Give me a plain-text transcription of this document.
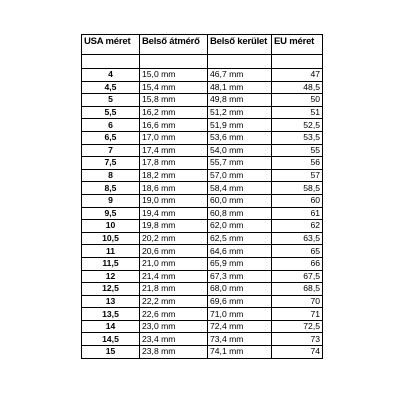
USA méret	Belső átmérő	Belső kerület	EU méret

4	15,0 mm	46,7 mm	47
4,5	15,4 mm	48,1 mm	48,5
5	15,8 mm	49,8 mm	50
5,5	16,2 mm	51,2 mm	51
6	16,6 mm	51,9 mm	52,5
6,5	17,0 mm	53,6 mm	53,5
7	17,4 mm	54,0 mm	55
7,5	17,8 mm	55,7 mm	56
8	18,2 mm	57,0 mm	57
8,5	18,6 mm	58,4 mm	58,5
9	19,0 mm	60,0 mm	60
9,5	19,4 mm	60,8 mm	61
10	19,8 mm	62,0 mm	62
10,5	20,2 mm	62,5 mm	63,5
11	20,6 mm	64,6 mm	65
11,5	21,0 mm	65,9 mm	66
12	21,4 mm	67,3 mm	67,5
12,5	21,8 mm	68,0 mm	68,5
13	22,2 mm	69,6 mm	70
13,5	22,6 mm	71,0 mm	71
14	23,0 mm	72,4 mm	72,5
14,5	23,4 mm	73,4 mm	73
15	23,8 mm	74,1 mm	74
